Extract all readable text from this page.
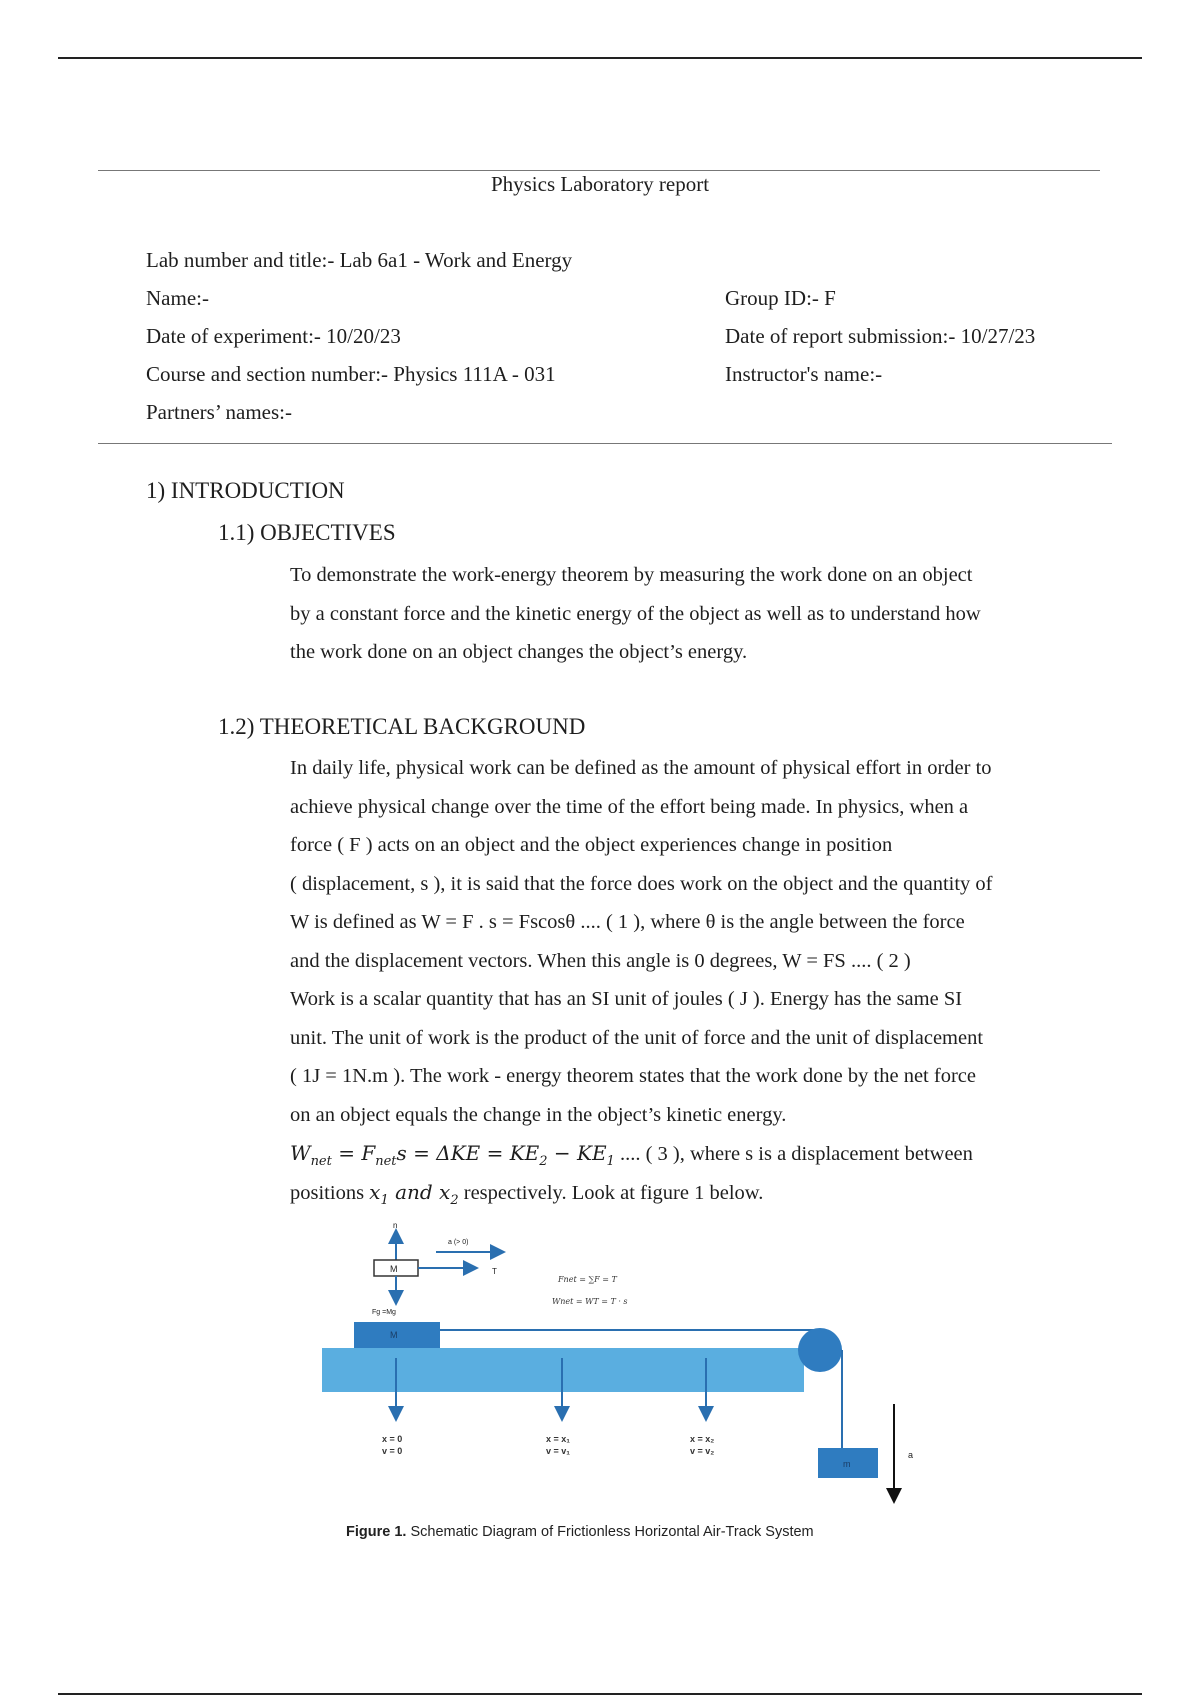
Physics Laboratory report
Lab number and title:- Lab 6a1 - Work and Energy
Name:-	Group ID:- F
Date of experiment:- 10/20/23	Date of report submission:- 10/27/23
Course and section number:- Physics 111A - 031	Instructor's name:-
Partners’ names:-
1) INTRODUCTION
1.1) OBJECTIVES
To demonstrate the work-energy theorem by measuring the work done on an object
by a constant force and the kinetic energy of the object as well as to understand how
the work done on an object changes the object’s energy.
1.2) THEORETICAL BACKGROUND
In daily life, physical work can be defined as the amount of physical effort in order to
achieve physical change over the time of the effort being made. In physics, when a
force ( F ) acts on an object and the object experiences change in position
( displacement, s ), it is said that the force does work on the object and the quantity of
W is defined as W = F . s = Fscosθ .... ( 1 ), where θ is the angle between the force
and the displacement vectors. When this angle is 0 degrees, W = FS .... ( 2 )
Work is a scalar quantity that has an SI unit of joules ( J ). Energy has the same SI
unit. The unit of work is the product of the unit of force and the unit of displacement
( 1J = 1N.m ). The work - energy theorem states that the work done by the net force
on an object equals the change in the object’s kinetic energy.
$W_{net} = F_{net}s = \Delta KE = KE_2 - KE_1$ .... ( 3 ), where s is a displacement between
positions $x_1$ and $x_2$ respectively. Look at figure 1 below.
n
M	T
a (> 0)
Fg =Mg
Fnet = ∑F = T
Wnet = WT = T · s
M
m
a
x = 0
v = 0
x = x₁
v = v₁
x = x₂
v = v₂
Figure 1. Schematic Diagram of Frictionless Horizontal Air-Track System
